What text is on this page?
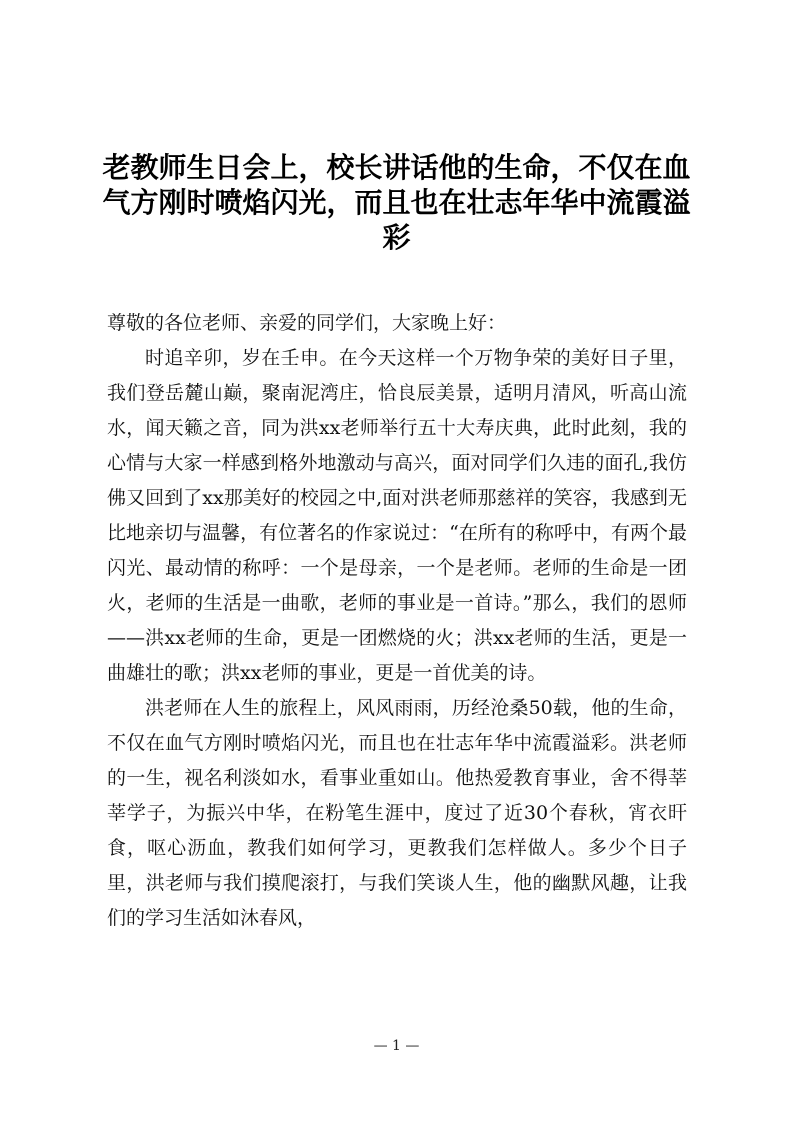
老教师生日会上，校长讲话他的生命，不仅在血气方刚时喷焰闪光，而且也在壮志年华中流霞溢彩

尊敬的各位老师、亲爱的同学们，大家晚上好：

时追辛卯，岁在壬申。在今天这样一个万物争荣的美好日子里，我们登岳麓山巅，聚南泥湾庄，恰良辰美景，适明月清风，听高山流水，闻天籁之音，同为洪xx老师举行五十大寿庆典，此时此刻，我的心情与大家一样感到格外地激动与高兴，面对同学们久违的面孔,我仿佛又回到了xx那美好的校园之中,面对洪老师那慈祥的笑容，我感到无比地亲切与温馨，有位著名的作家说过：“在所有的称呼中，有两个最闪光、最动情的称呼：一个是母亲，一个是老师。老师的生命是一团火，老师的生活是一曲歌，老师的事业是一首诗。”那么，我们的恩师——洪xx老师的生命，更是一团燃烧的火；洪xx老师的生活，更是一曲雄壮的歌；洪xx老师的事业，更是一首优美的诗。

洪老师在人生的旅程上，风风雨雨，历经沧桑50载，他的生命，不仅在血气方刚时喷焰闪光，而且也在壮志年华中流霞溢彩。洪老师的一生，视名利淡如水，看事业重如山。他热爱教育事业，舍不得莘莘学子，为振兴中华，在粉笔生涯中，度过了近30个春秋，宵衣旰食，呕心沥血，教我们如何学习，更教我们怎样做人。多少个日子里，洪老师与我们摸爬滚打，与我们笑谈人生，他的幽默风趣，让我们的学习生活如沐春风，

— 1 —
